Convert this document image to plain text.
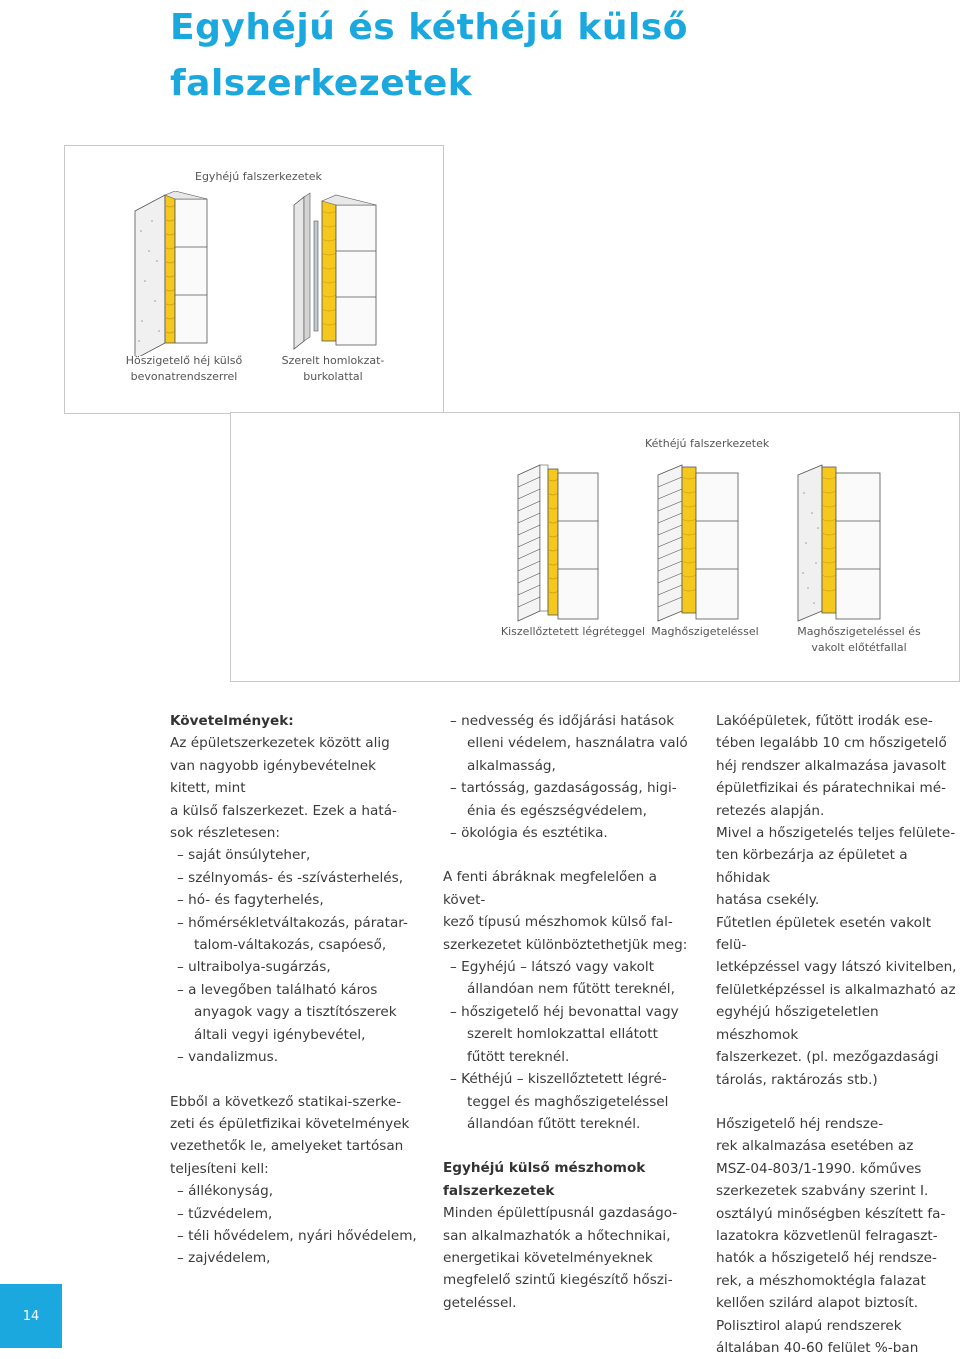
Egyhéjú és kéthéjú külső
falszerkezetek
Egyhéjú falszerkezetek
Höszigetelő héj külső
bevonatrendszerrel
Szerelt homlokzat-
burkolattal
Kéthéjú falszerkezetek
Kiszellőztetett légréteggel Maghőszigeteléssel	Maghőszigeteléssel és
vakolt előtétfallal

Követelmények:

Az épületszerkezetek között alig

van nagyobb igénybevételnek

kitett, mint

a külső falszerkezet. Ezek a hatá-

sok részletesen:

– saját önsúlyteher,

– szélnyomás- és -szívásterhelés,

– hó- és fagyterhelés,

– hőmérsékletváltakozás, páratar-talom-váltakozás, csapóeső,

– ultraibolya-sugárzás,

– a levegőben található káros anyagok vagy a tisztítószerek általi vegyi igénybevétel,

– vandalizmus.

Ebből a következő statikai-szerke-

zeti és épületfizikai követelmények

vezethetők le, amelyeket tartósan

teljesíteni kell:

– állékonyság,

– tűzvédelem,

– téli hővédelem, nyári hővédelem,

– zajvédelem,

– nedvesség és időjárási hatások elleni védelem, használatra való alkalmasság,

– tartósság, gazdaságosság, higi-énia és egészségvédelem,

– ökológia és esztétika.

A fenti ábráknak megfelelően a követ-

kező típusú mészhomok külső fal-

szerkezetet különböztethetjük meg:

– Egyhéjú – látszó vagy vakolt állandóan nem fűtött tereknél,

– hőszigetelő héj bevonattal vagy szerelt homlokzattal ellátott fűtött tereknél.

– Kéthéjú – kiszellőztetett légré-teggel és maghőszigeteléssel állandóan fűtött tereknél.

Egyhéjú külső mészhomok
falszerkezetek

Minden épülettípusnál gazdaságo-

san alkalmazhatók a hőtechnikai,

energetikai követelményeknek

megfelelő szintű kiegészítő hőszi-

geteléssel.

Lakóépületek, fűtött irodák ese-

tében legalább 10 cm hőszigetelő

héj rendszer alkalmazása javasolt

épületfizikai és páratechnikai mé-

retezés alapján.

Mivel a hőszigetelés teljes felülete-

ten körbezárja az épületet a hőhidak

hatása csekély.

Fűtetlen épületek esetén vakolt felü-

letképzéssel vagy látszó kivitelben,

felületképzéssel is alkalmazható az

egyhéjú hőszigeteletlen mészhomok

falszerkezet. (pl. mezőgazdasági

tárolás, raktározás stb.)

Hőszigetelő héj rendsze-

rek alkalmazása esetében az

MSZ-04-803/1-1990. kőműves

szerkezetek szabvány szerint I.

osztályú minőségben készített fa-

lazatokra közvetlenül felragaszt-

hatók a hőszigetelő héj rendsze-

rek, a mészhomoktégla falazat

kellően szilárd alapot biztosít.

Polisztirol alapú rendszerek

általában 40-60 felület %-ban

14
